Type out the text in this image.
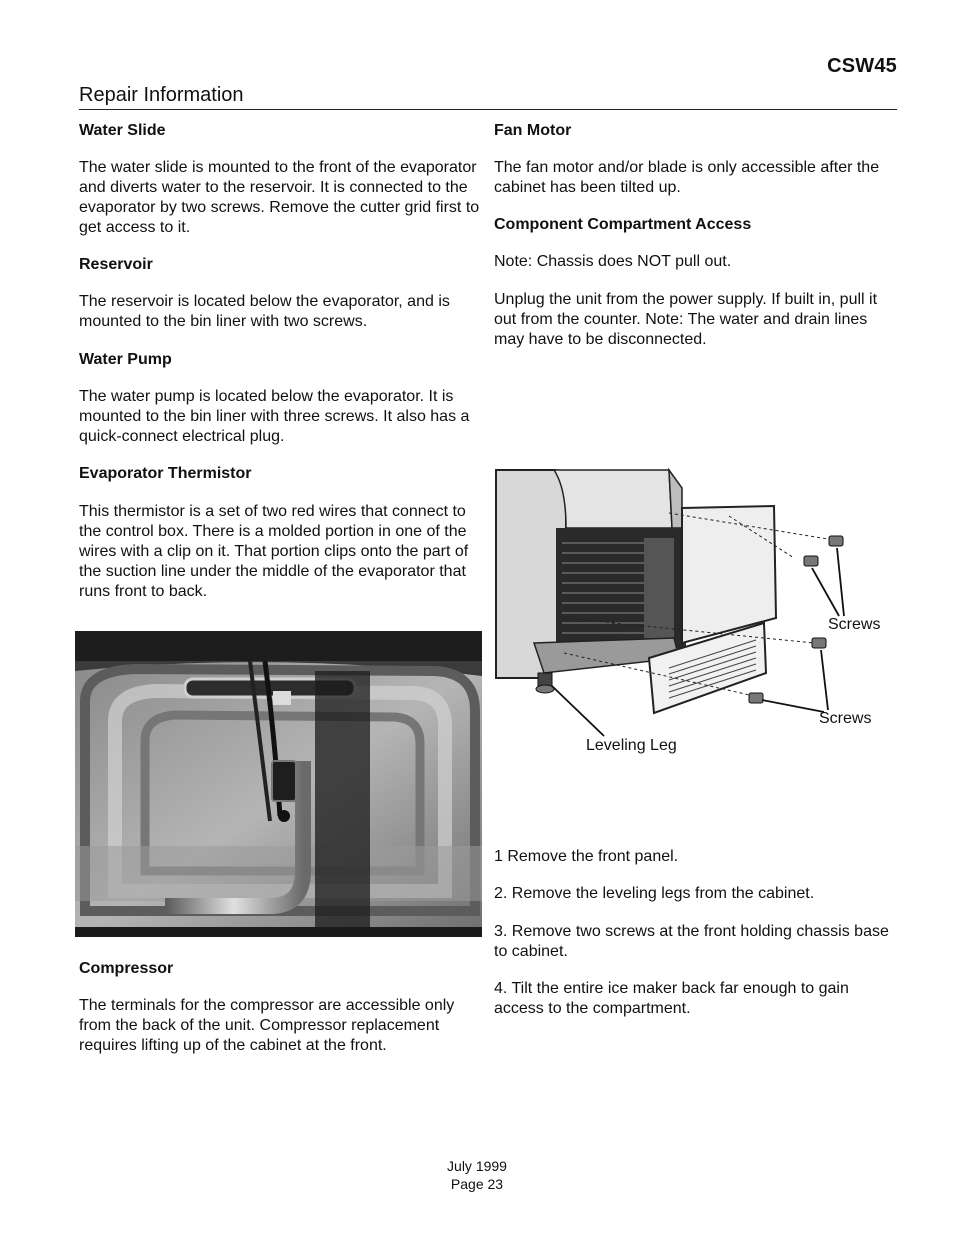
CSW45
Repair Information
Water Slide
The water slide is mounted to the front of the evaporator and diverts water to the reservoir. It is connected to the evaporator by two screws. Remove the cutter grid first to get access to it.
Reservoir
The reservoir is located below the evaporator, and is mounted to the bin liner with two screws.
Water Pump
The water pump is located below the evaporator. It is mounted to the bin liner with three screws. It also has a quick-connect electrical plug.
Evaporator Thermistor
This thermistor is a set of two red wires that connect to the control box. There is a molded portion in one of the wires with a clip on it. That portion clips onto the part of the suction line under the middle of the evaporator that runs front to back.
Compressor
The terminals for the compressor are accessible only from the back of the unit. Compressor replacement requires lifting up of the cabinet at the front.
Fan Motor
The fan motor and/or blade is only accessible after the cabinet has been tilted up.
Component Compartment Access
Note: Chassis does NOT pull out.
Unplug the unit from the power supply. If built in, pull it out from the counter. Note: The water and drain lines may have to be disconnected.
1 Remove the front panel.
2. Remove the leveling legs from the cabinet.
3. Remove two screws at the front holding chassis base to cabinet.
4. Tilt the entire ice maker back far enough to gain access to the compartment.
Screws
Screws
Leveling Leg
July 1999
Page 23
